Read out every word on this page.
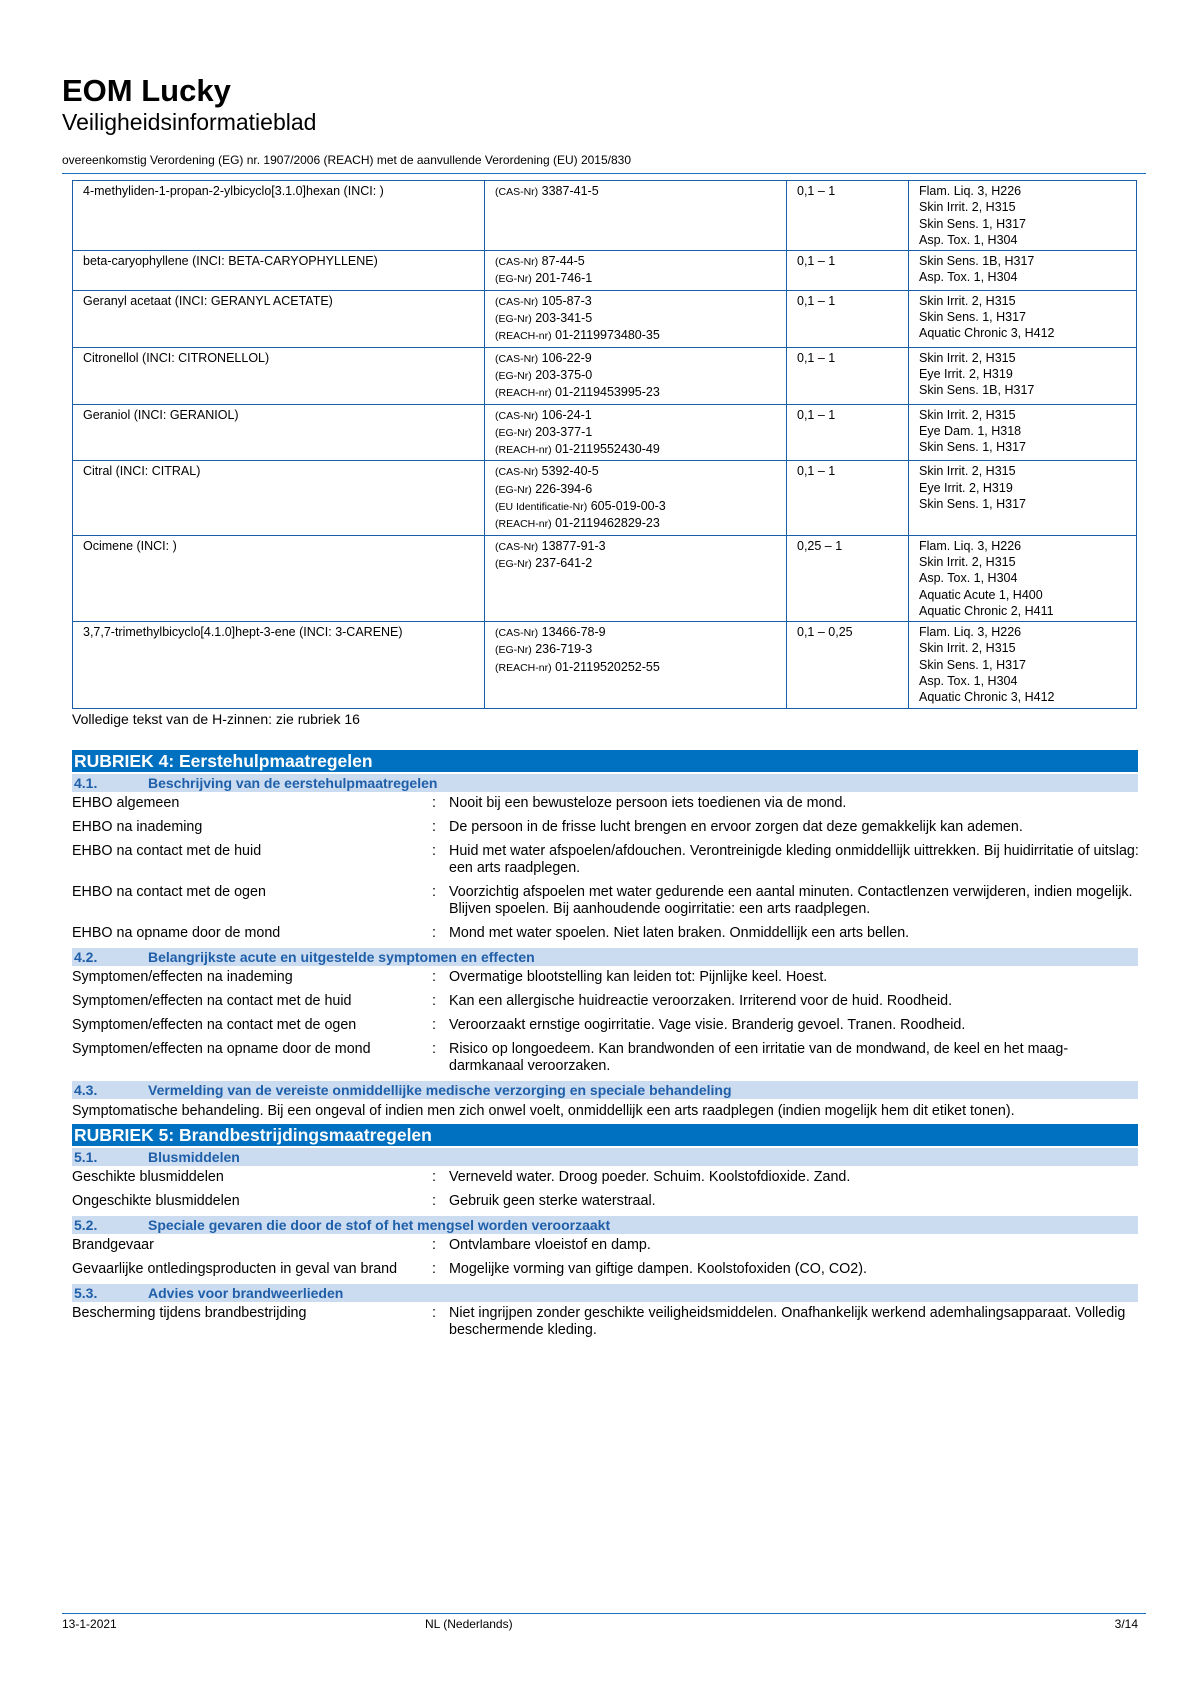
EOM Lucky
Veiligheidsinformatieblad
overeenkomstig Verordening (EG) nr. 1907/2006 (REACH) met de aanvullende Verordening (EU) 2015/830
4-methyliden-1-propan-2-ylbicyclo[3.1.0]hexan (INCI: )	(CAS-Nr) 3387-41-5	0,1 – 1	Flam. Liq. 3, H226
Skin Irrit. 2, H315
Skin Sens. 1, H317
Asp. Tox. 1, H304

beta-caryophyllene (INCI: BETA-CARYOPHYLLENE)	(CAS-Nr) 87-44-5
(EG-Nr) 201-746-1	0,1 – 1	Skin Sens. 1B, H317
Asp. Tox. 1, H304

Geranyl acetaat (INCI: GERANYL ACETATE)	(CAS-Nr) 105-87-3
(EG-Nr) 203-341-5
(REACH-nr) 01-2119973480-35	0,1 – 1	Skin Irrit. 2, H315
Skin Sens. 1, H317
Aquatic Chronic 3, H412

Citronellol (INCI: CITRONELLOL)	(CAS-Nr) 106-22-9
(EG-Nr) 203-375-0
(REACH-nr) 01-2119453995-23	0,1 – 1	Skin Irrit. 2, H315
Eye Irrit. 2, H319
Skin Sens. 1B, H317

Geraniol (INCI: GERANIOL)	(CAS-Nr) 106-24-1
(EG-Nr) 203-377-1
(REACH-nr) 01-2119552430-49	0,1 – 1	Skin Irrit. 2, H315
Eye Dam. 1, H318
Skin Sens. 1, H317

Citral (INCI: CITRAL)	(CAS-Nr) 5392-40-5
(EG-Nr) 226-394-6
(EU Identificatie-Nr) 605-019-00-3
(REACH-nr) 01-2119462829-23	0,1 – 1	Skin Irrit. 2, H315
Eye Irrit. 2, H319
Skin Sens. 1, H317

Ocimene (INCI: )	(CAS-Nr) 13877-91-3
(EG-Nr) 237-641-2	0,25 – 1	Flam. Liq. 3, H226
Skin Irrit. 2, H315
Asp. Tox. 1, H304
Aquatic Acute 1, H400
Aquatic Chronic 2, H411

3,7,7-trimethylbicyclo[4.1.0]hept-3-ene (INCI: 3-CARENE)	(CAS-Nr) 13466-78-9
(EG-Nr) 236-719-3
(REACH-nr) 01-2119520252-55	0,1 – 0,25	Flam. Liq. 3, H226
Skin Irrit. 2, H315
Skin Sens. 1, H317
Asp. Tox. 1, H304
Aquatic Chronic 3, H412
Volledige tekst van de H-zinnen: zie rubriek 16
RUBRIEK 4: Eerstehulpmaatregelen
4.1.	Beschrijving van de eerstehulpmaatregelen
EHBO algemeen	: Nooit bij een bewusteloze persoon iets toedienen via de mond.
EHBO na inademing	: De persoon in de frisse lucht brengen en ervoor zorgen dat deze gemakkelijk kan ademen.
EHBO na contact met de huid	: Huid met water afspoelen/afdouchen. Verontreinigde kleding onmiddellijk uittrekken. Bij huidirritatie of uitslag: een arts raadplegen.
EHBO na contact met de ogen	: Voorzichtig afspoelen met water gedurende een aantal minuten. Contactlenzen verwijderen, indien mogelijk. Blijven spoelen. Bij aanhoudende oogirritatie: een arts raadplegen.
EHBO na opname door de mond	: Mond met water spoelen. Niet laten braken. Onmiddellijk een arts bellen.
4.2.	Belangrijkste acute en uitgestelde symptomen en effecten
Symptomen/effecten na inademing	: Overmatige blootstelling kan leiden tot: Pijnlijke keel. Hoest.
Symptomen/effecten na contact met de huid	: Kan een allergische huidreactie veroorzaken. Irriterend voor de huid. Roodheid.
Symptomen/effecten na contact met de ogen	: Veroorzaakt ernstige oogirritatie. Vage visie. Branderig gevoel. Tranen. Roodheid.
Symptomen/effecten na opname door de mond	: Risico op longoedeem. Kan brandwonden of een irritatie van de mondwand, de keel en het maag-darmkanaal veroorzaken.
4.3.	Vermelding van de vereiste onmiddellijke medische verzorging en speciale behandeling
Symptomatische behandeling. Bij een ongeval of indien men zich onwel voelt, onmiddellijk een arts raadplegen (indien mogelijk hem dit etiket tonen).
RUBRIEK 5: Brandbestrijdingsmaatregelen
5.1.	Blusmiddelen
Geschikte blusmiddelen	: Verneveld water. Droog poeder. Schuim. Koolstofdioxide. Zand.
Ongeschikte blusmiddelen	: Gebruik geen sterke waterstraal.
5.2.	Speciale gevaren die door de stof of het mengsel worden veroorzaakt
Brandgevaar	: Ontvlambare vloeistof en damp.
Gevaarlijke ontledingsproducten in geval van brand	: Mogelijke vorming van giftige dampen. Koolstofoxiden (CO, CO2).
5.3.	Advies voor brandweerlieden
Bescherming tijdens brandbestrijding	: Niet ingrijpen zonder geschikte veiligheidsmiddelen. Onafhankelijk werkend ademhalingsapparaat. Volledig beschermende kleding.
13-1-2021	NL (Nederlands)	3/14
